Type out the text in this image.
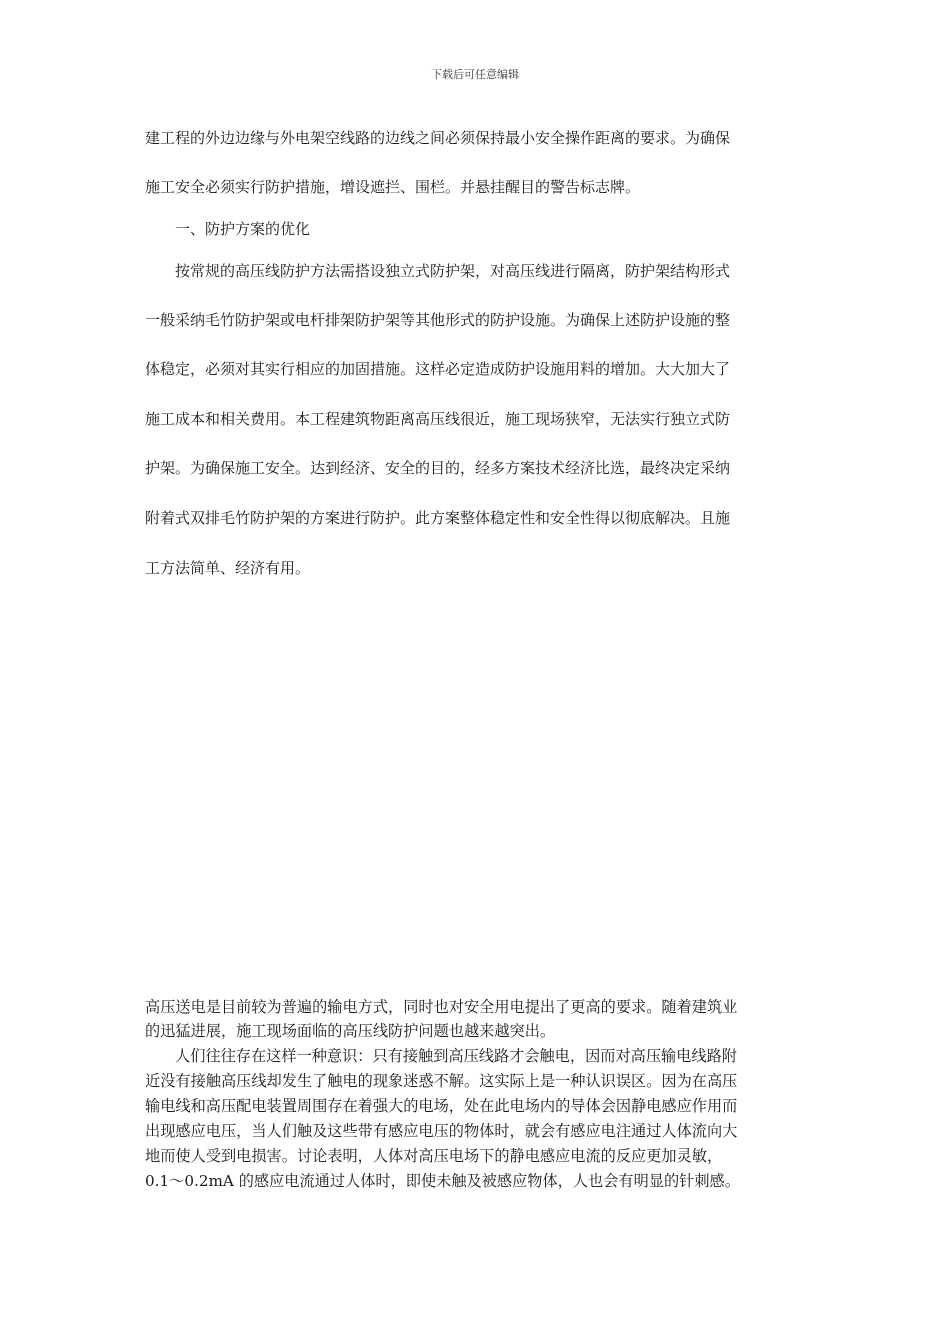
下载后可任意编辑
建工程的外边边缘与外电架空线路的边线之间必须保持最小安全操作距离的要求。为确保
施工安全必须实行防护措施，增设遮拦、围栏。并悬挂醒目的警告标志牌。
一、防护方案的优化
按常规的高压线防护方法需搭设独立式防护架，对高压线进行隔离，防护架结构形式
一般采纳毛竹防护架或电杆排架防护架等其他形式的防护设施。为确保上述防护设施的整
体稳定，必须对其实行相应的加固措施。这样必定造成防护设施用料的增加。大大加大了
施工成本和相关费用。本工程建筑物距离高压线很近，施工现场狭窄，无法实行独立式防
护架。为确保施工安全。达到经济、安全的目的，经多方案技术经济比选，最终决定采纳
附着式双排毛竹防护架的方案进行防护。此方案整体稳定性和安全性得以彻底解决。且施
工方法简单、经济有用。
高压送电是目前较为普遍的输电方式，同时也对安全用电提出了更高的要求。随着建筑业
的迅猛进展，施工现场面临的高压线防护问题也越来越突出。
人们往往存在这样一种意识：只有接触到高压线路才会触电，因而对高压输电线路附
近没有接触高压线却发生了触电的现象迷惑不解。这实际上是一种认识误区。因为在高压
输电线和高压配电装置周围存在着强大的电场，处在此电场内的导体会因静电感应作用而
出现感应电压，当人们触及这些带有感应电压的物体时，就会有感应电注通过人体流向大
地而使人受到电损害。讨论表明，人体对高压电场下的静电感应电流的反应更加灵敏，
0.1～0.2mA 的感应电流通过人体时，即使未触及被感应物体，人也会有明显的针刺感。
